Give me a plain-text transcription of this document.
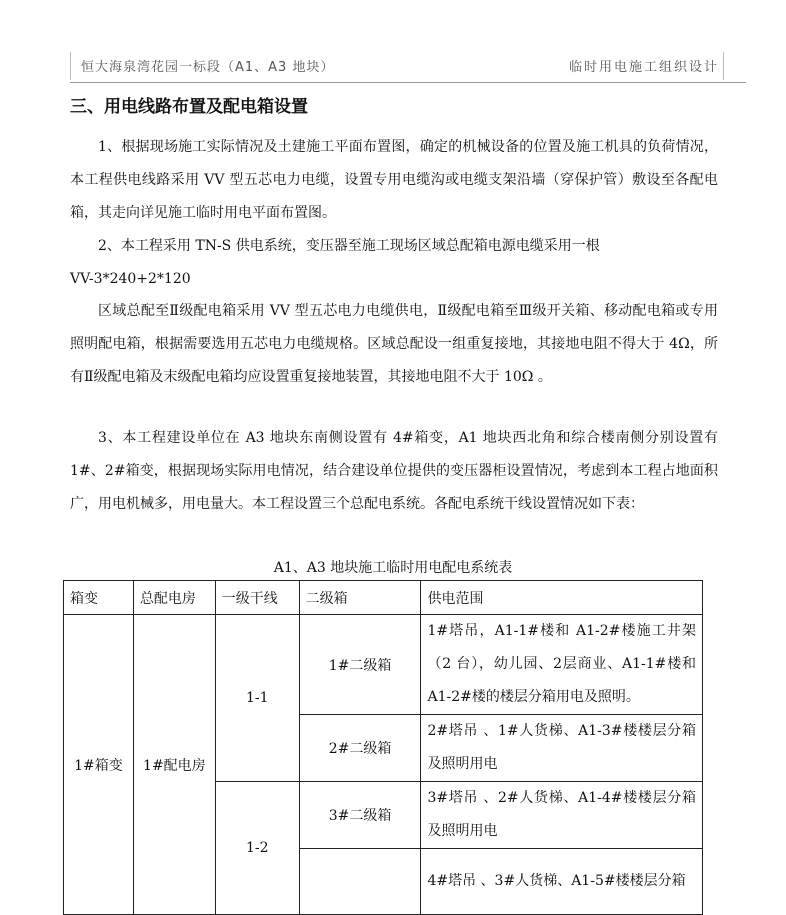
恒大海泉湾花园一标段（A1、A3 地块）	临时用电施工组织设计
三、用电线路布置及配电箱设置

1、根据现场施工实际情况及土建施工平面布置图，确定的机械设备的位置及施工机具的负荷情况，本工程供电线路采用 VV 型五芯电力电缆，设置专用电缆沟或电缆支架沿墙（穿保护管）敷设至各配电箱，其走向详见施工临时用电平面布置图。

2、本工程采用 TN-S 供电系统，变压器至施工现场区域总配箱电源电缆采用一根

VV-3*240+2*120

区域总配至Ⅱ级配电箱采用 VV 型五芯电力电缆供电，Ⅱ级配电箱至Ⅲ级开关箱、移动配电箱或专用照明配电箱，根据需要选用五芯电力电缆规格。区域总配设一组重复接地，其接地电阻不得大于 4Ω，所有Ⅱ级配电箱及末级配电箱均应设置重复接地装置，其接地电阻不大于 10Ω 。

3、本工程建设单位在 A3 地块东南侧设置有 4#箱变，A1 地块西北角和综合楼南侧分别设置有 1#、2#箱变，根据现场实际用电情况，结合建设单位提供的变压器柜设置情况，考虑到本工程占地面积广，用电机械多，用电量大。本工程设置三个总配电系统。各配电系统干线设置情况如下表：

A1、A3 地块施工临时用电配电系统表
箱变	总配电房	一级干线	二级箱	供电范围
1#箱变	1#配电房	1-1	1#二级箱	1#塔吊，A1-1#楼和 A1-2#楼施工井架（2 台），幼儿园、2层商业、A1-1#楼和 A1-2#楼的楼层分箱用电及照明。
			2#二级箱	2#塔吊 、1#人货梯、A1-3#楼楼层分箱及照明用电
		1-2	3#二级箱	3#塔吊 、2#人货梯、A1-4#楼楼层分箱及照明用电
				4#塔吊 、3#人货梯、A1-5#楼楼层分箱
